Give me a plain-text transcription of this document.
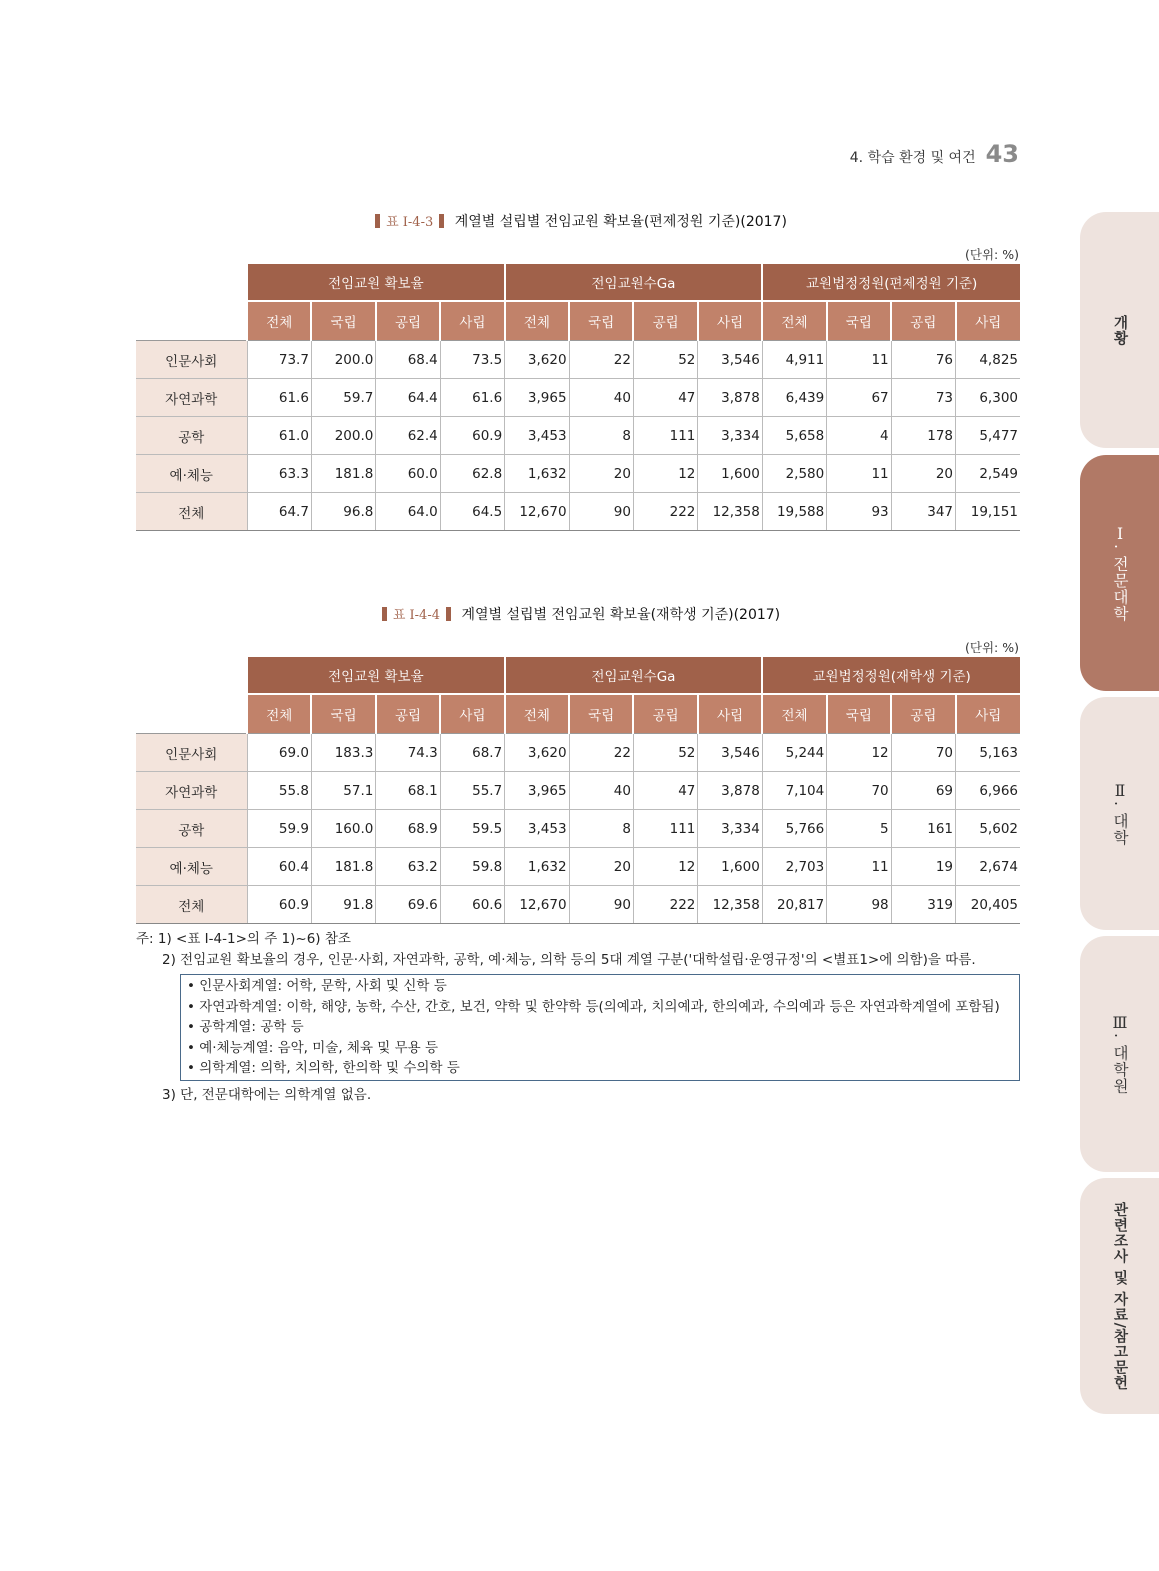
4. 학습 환경 및 여건 43
표 Ⅰ-4-3 계열별 설립별 전임교원 확보율(편제정원 기준)(2017)
(단위: %)
	전임교원 확보율				전임교원수Ga				교원법정정원(편제정원 기준)			
	전체	국립	공립	사립	전체	국립	공립	사립	전체	국립	공립	사립
인문사회	73.7	200.0	68.4	73.5	3,620	22	52	3,546	4,911	11	76	4,825
자연과학	61.6	59.7	64.4	61.6	3,965	40	47	3,878	6,439	67	73	6,300
공학	61.0	200.0	62.4	60.9	3,453	8	111	3,334	5,658	4	178	5,477
예·체능	63.3	181.8	60.0	62.8	1,632	20	12	1,600	2,580	11	20	2,549
전체	64.7	96.8	64.0	64.5	12,670	90	222	12,358	19,588	93	347	19,151
표 Ⅰ-4-4 계열별 설립별 전임교원 확보율(재학생 기준)(2017)
(단위: %)
	전임교원 확보율				전임교원수Ga				교원법정정원(재학생 기준)			
	전체	국립	공립	사립	전체	국립	공립	사립	전체	국립	공립	사립
인문사회	69.0	183.3	74.3	68.7	3,620	22	52	3,546	5,244	12	70	5,163
자연과학	55.8	57.1	68.1	55.7	3,965	40	47	3,878	7,104	70	69	6,966
공학	59.9	160.0	68.9	59.5	3,453	8	111	3,334	5,766	5	161	5,602
예·체능	60.4	181.8	63.2	59.8	1,632	20	12	1,600	2,703	11	19	2,674
전체	60.9	91.8	69.6	60.6	12,670	90	222	12,358	20,817	98	319	20,405
주: 1) <표 Ⅰ-4-1>의 주 1)~6) 참조
2) 전임교원 확보율의 경우, 인문·사회, 자연과학, 공학, 예·체능, 의학 등의 5대 계열 구분('대학설립·운영규정'의 <별표1>에 의함)을 따름.
• 인문사회계열: 어학, 문학, 사회 및 신학 등
• 자연과학계열: 이학, 해양, 농학, 수산, 간호, 보건, 약학 및 한약학 등(의예과, 치의예과, 한의예과, 수의예과 등은 자연과학계열에 포함됨)
• 공학계열: 공학 등
• 예·체능계열: 음악, 미술, 체육 및 무용 등
• 의학계열: 의학, 치의학, 한의학 및 수의학 등
3) 단, 전문대학에는 의학계열 없음.
개황
Ⅰ. 전문대학
Ⅱ. 대학
Ⅲ. 대학원
관련조사 및 자료/참고문헌
